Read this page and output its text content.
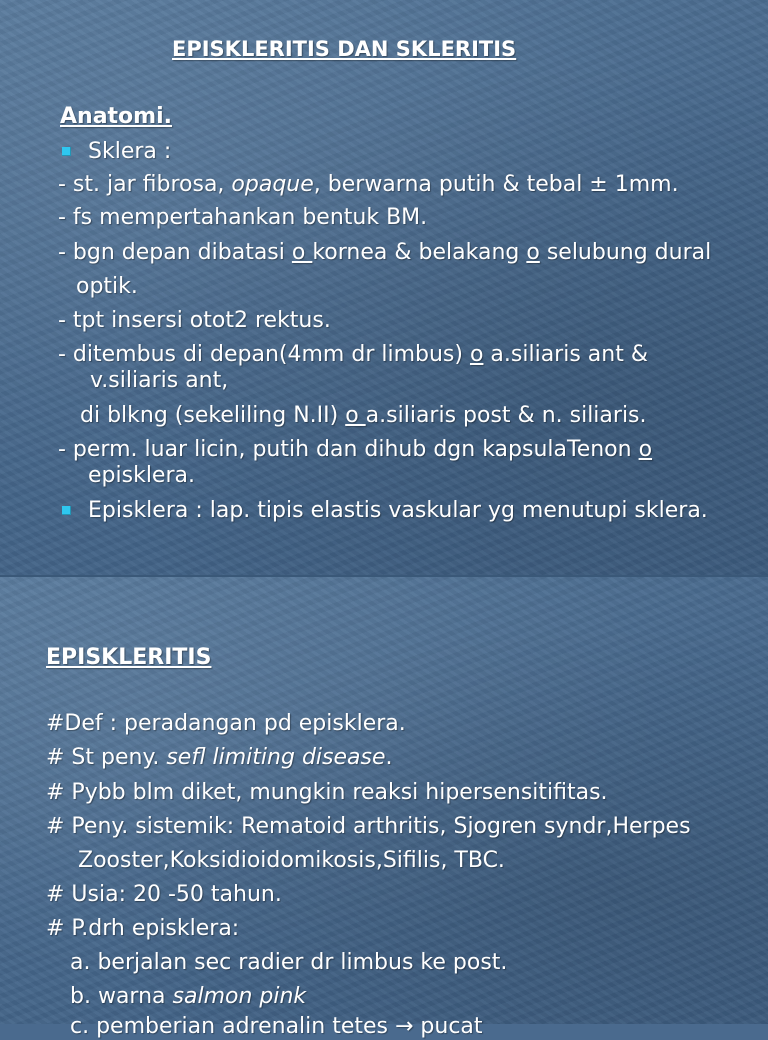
EPISKLERITIS DAN SKLERITIS
Anatomi.
Sklera :
- st. jar fibrosa, opaque, berwarna putih & tebal ± 1mm.
- fs mempertahankan bentuk BM.
- bgn depan dibatasi o kornea & belakang o selubung dural
optik.
- tpt insersi otot2 rektus.
- ditembus di depan(4mm dr limbus) o a.siliaris ant &
v.siliaris ant,
di blkng (sekeliling N.II) o a.siliaris post & n. siliaris.
- perm. luar licin, putih dan dihub dgn kapsulaTenon o
episklera.
Episklera : lap. tipis elastis vaskular yg menutupi sklera.
EPISKLERITIS
#Def : peradangan pd episklera.
# St peny. sefl limiting disease.
# Pybb blm diket, mungkin reaksi hipersensitifitas.
# Peny. sistemik: Rematoid arthritis, Sjogren syndr,Herpes
Zooster,Koksidioidomikosis,Sifilis, TBC.
# Usia: 20 -50 tahun.
# P.drh episklera:
a. berjalan sec radier dr limbus ke post.
b. warna salmon pink
c. pemberian adrenalin tetes → pucat
